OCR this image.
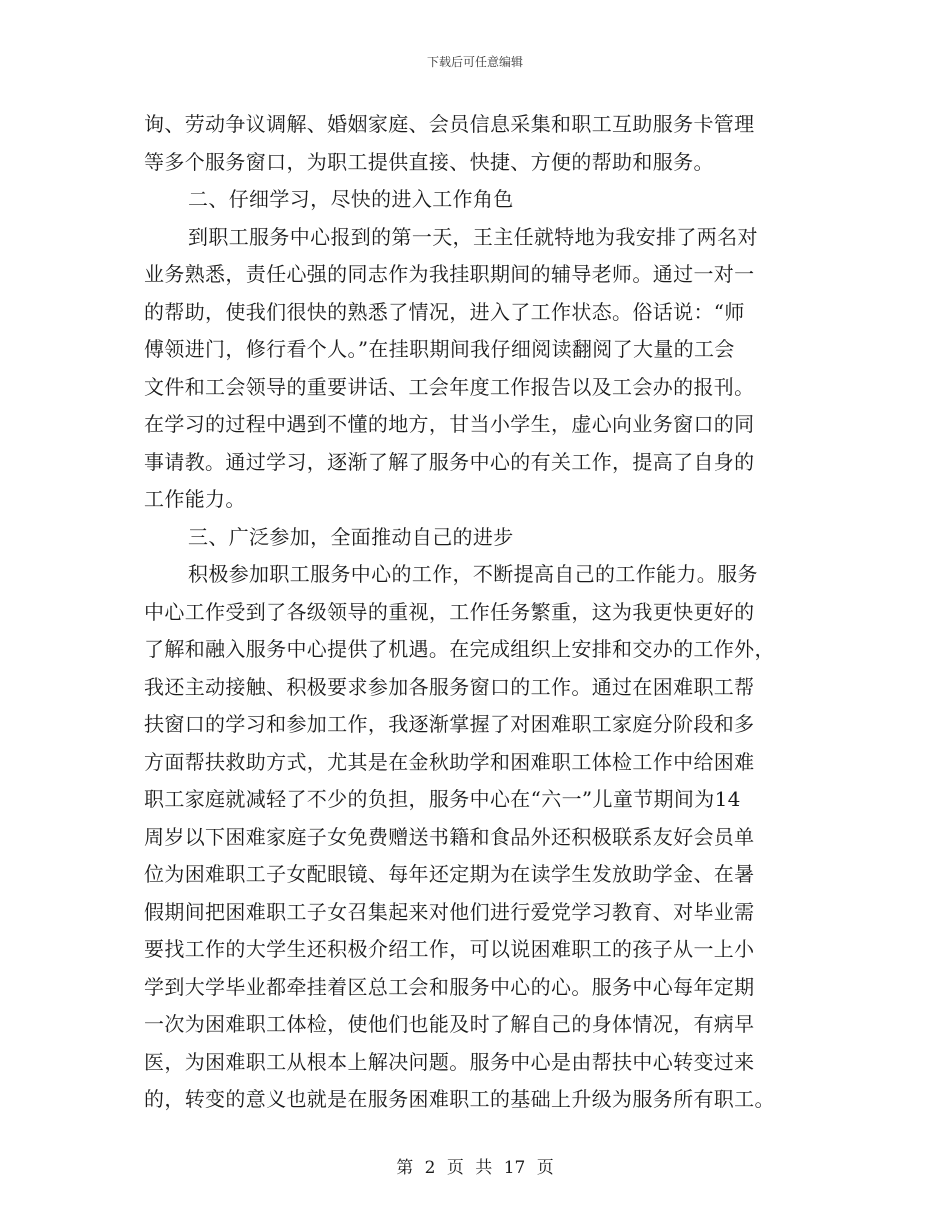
下载后可任意编辑
询、劳动争议调解、婚姻家庭、会员信息采集和职工互助服务卡管理
等多个服务窗口，为职工提供直接、快捷、方便的帮助和服务。
二、仔细学习，尽快的进入工作角色
到职工服务中心报到的第一天，王主任就特地为我安排了两名对
业务熟悉，责任心强的同志作为我挂职期间的辅导老师。通过一对一
的帮助，使我们很快的熟悉了情况，进入了工作状态。俗话说：“师
傅领进门，修行看个人。”在挂职期间我仔细阅读翻阅了大量的工会
文件和工会领导的重要讲话、工会年度工作报告以及工会办的报刊。
在学习的过程中遇到不懂的地方，甘当小学生，虚心向业务窗口的同
事请教。通过学习，逐渐了解了服务中心的有关工作，提高了自身的
工作能力。
三、广泛参加，全面推动自己的进步
积极参加职工服务中心的工作，不断提高自己的工作能力。服务
中心工作受到了各级领导的重视，工作任务繁重，这为我更快更好的
了解和融入服务中心提供了机遇。在完成组织上安排和交办的工作外，
我还主动接触、积极要求参加各服务窗口的工作。通过在困难职工帮
扶窗口的学习和参加工作，我逐渐掌握了对困难职工家庭分阶段和多
方面帮扶救助方式，尤其是在金秋助学和困难职工体检工作中给困难
职工家庭就减轻了不少的负担，服务中心在“六一”儿童节期间为14
周岁以下困难家庭子女免费赠送书籍和食品外还积极联系友好会员单
位为困难职工子女配眼镜、每年还定期为在读学生发放助学金、在暑
假期间把困难职工子女召集起来对他们进行爱党学习教育、对毕业需
要找工作的大学生还积极介绍工作，可以说困难职工的孩子从一上小
学到大学毕业都牵挂着区总工会和服务中心的心。服务中心每年定期
一次为困难职工体检，使他们也能及时了解自己的身体情况，有病早
医，为困难职工从根本上解决问题。服务中心是由帮扶中心转变过来
的，转变的意义也就是在服务困难职工的基础上升级为服务所有职工。
第 2 页 共 17 页
